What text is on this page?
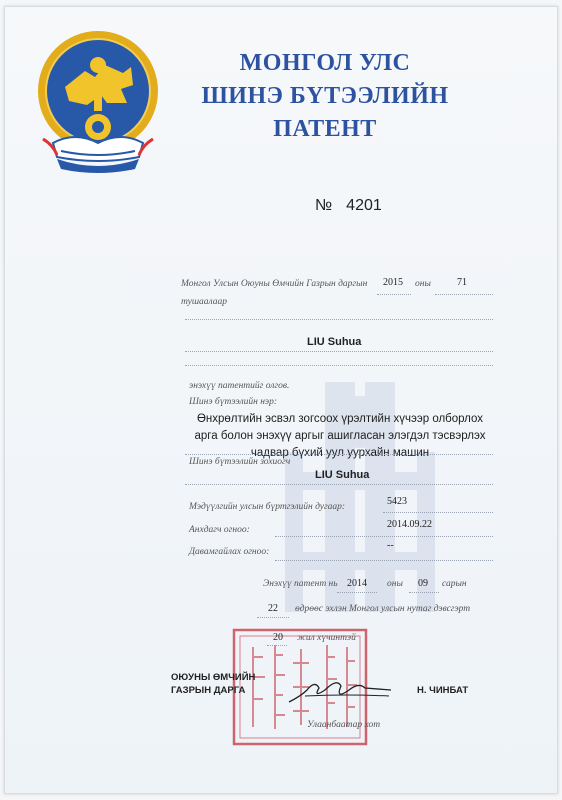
МОНГОЛ УЛС
ШИНЭ БҮТЭЭЛИЙН
ПАТЕНТ
№ 4201
Монгол Улсын Оюуны Өмчийн Газрын даргын 2015 оны	71
тушаалаар
LIU Suhua
энэхүү патентийг олгов.
Шинэ бүтээлийн нэр:
Өнхрөлтийн эсвэл зогсоох үрэлтийн хүчээр олборлох
арга болон энэхүү аргыг ашигласан элэгдэл тэсвэрлэх
чадвар бүхий уул уурхайн машин
Шинэ бүтээлийн зохиогч
LIU Suhua
Мэдүүлгийн улсын бүртгэлийн дугаар:	5423
Анхдагч огноо:	2014.09.22
Давамгайлах огноо:
--
Энэхүү патент нь 2014 оны 09 сарын
22 өдрөөс эхлэн Монгол улсын нутаг дэвсгэрт
20 жил хүчинтэй
ОЮУНЫ ӨМЧИЙН
ГАЗРЫН ДАРГА	Н. ЧИНБАТ
Улаанбаатар хот
